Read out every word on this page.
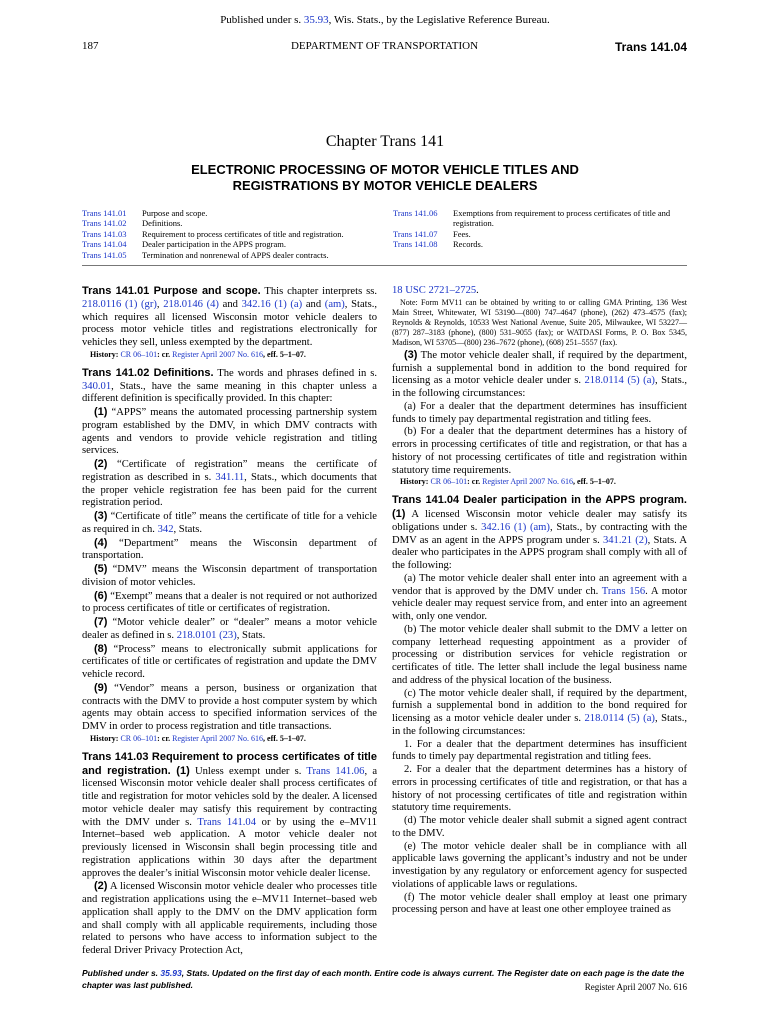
Published under s. 35.93, Wis. Stats., by the Legislative Reference Bureau.
187	DEPARTMENT OF TRANSPORTATION	Trans 141.04
Chapter Trans 141
ELECTRONIC PROCESSING OF MOTOR VEHICLE TITLES AND REGISTRATIONS BY MOTOR VEHICLE DEALERS
Trans 141.01	Purpose and scope.
Trans 141.02	Definitions.
Trans 141.03	Requirement to process certificates of title and registration.
Trans 141.04	Dealer participation in the APPS program.
Trans 141.05	Termination and nonrenewal of APPS dealer contracts.
Trans 141.06	Exemptions from requirement to process certificates of title and registration.
Trans 141.07	Fees.
Trans 141.08	Records.

Trans 141.01 Purpose and scope. This chapter interprets ss. 218.0116 (1) (gr), 218.0146 (4) and 342.16 (1) (a) and (am), Stats., which requires all licensed Wisconsin motor vehicle dealers to process motor vehicle titles and registrations electronically for vehicles they sell, unless exempted by the department.

History: CR 06–101: cr. Register April 2007 No. 616, eff. 5–1–07.

Trans 141.02 Definitions. The words and phrases defined in s. 340.01, Stats., have the same meaning in this chapter unless a different definition is specifically provided. In this chapter:

(1) “APPS” means the automated processing partnership system program established by the DMV, in which DMV contracts with agents and vendors to provide vehicle registration and titling services.

(2) “Certificate of registration” means the certificate of registration as described in s. 341.11, Stats., which documents that the proper vehicle registration fee has been paid for the current registration period.

(3) “Certificate of title” means the certificate of title for a vehicle as required in ch. 342, Stats.

(4) “Department” means the Wisconsin department of transportation.

(5) “DMV” means the Wisconsin department of transportation division of motor vehicles.

(6) “Exempt” means that a dealer is not required or not authorized to process certificates of title or certificates of registration.

(7) “Motor vehicle dealer” or “dealer” means a motor vehicle dealer as defined in s. 218.0101 (23), Stats.

(8) “Process” means to electronically submit applications for certificates of title or certificates of registration and update the DMV vehicle record.

(9) “Vendor” means a person, business or organization that contracts with the DMV to provide a host computer system by which agents may obtain access to specified information services of the DMV in order to process registration and title transactions.

History: CR 06–101: cr. Register April 2007 No. 616, eff. 5–1–07.

Trans 141.03 Requirement to process certificates of title and registration. (1) Unless exempt under s. Trans 141.06, a licensed Wisconsin motor vehicle dealer shall process certificates of title and registration for motor vehicles sold by the dealer. A licensed motor vehicle dealer may satisfy this requirement by contracting with the DMV under s. Trans 141.04 or by using the e–MV11 Internet–based web application. A motor vehicle dealer not previously licensed in Wisconsin shall begin processing title and registration applications within 30 days after the department approves the dealer’s initial Wisconsin motor vehicle dealer license.

(2) A licensed Wisconsin motor vehicle dealer who processes title and registration applications using the e–MV11 Internet–based web application shall apply to the DMV on the DMV application form and shall comply with all applicable requirements, including those related to persons who have access to information subject to the federal Driver Privacy Protection Act,

18 USC 2721–2725.

Note: Form MV11 can be obtained by writing to or calling GMA Printing, 136 West Main Street, Whitewater, WI 53190—(800) 747–4647 (phone), (262) 473–4575 (fax); Reynolds & Reynolds, 10533 West National Avenue, Suite 205, Milwaukee, WI 53227—(877) 287–3183 (phone), (800) 531–9055 (fax); or WATDASI Forms, P. O. Box 5345, Madison, WI 53705—(800) 236–7672 (phone), (608) 251–5557 (fax).

(3) The motor vehicle dealer shall, if required by the department, furnish a supplemental bond in addition to the bond required for licensing as a motor vehicle dealer under s. 218.0114 (5) (a), Stats., in the following circumstances:

(a) For a dealer that the department determines has insufficient funds to timely pay departmental registration and titling fees.

(b) For a dealer that the department determines has a history of errors in processing certificates of title and registration, or that has a history of not processing certificates of title and registration within statutory time requirements.

History: CR 06–101: cr. Register April 2007 No. 616, eff. 5–1–07.

Trans 141.04 Dealer participation in the APPS program. (1) A licensed Wisconsin motor vehicle dealer may satisfy its obligations under s. 342.16 (1) (am), Stats., by contracting with the DMV as an agent in the APPS program under s. 341.21 (2), Stats. A dealer who participates in the APPS program shall comply with all of the following:

(a) The motor vehicle dealer shall enter into an agreement with a vendor that is approved by the DMV under ch. Trans 156. A motor vehicle dealer may request service from, and enter into an agreement with, only one vendor.

(b) The motor vehicle dealer shall submit to the DMV a letter on company letterhead requesting appointment as a provider of processing or distribution services for vehicle registration or certificates of title. The letter shall include the legal business name and address of the physical location of the business.

(c) The motor vehicle dealer shall, if required by the department, furnish a supplemental bond in addition to the bond required for licensing as a motor vehicle dealer under s. 218.0114 (5) (a), Stats., in the following circumstances:

1. For a dealer that the department determines has insufficient funds to timely pay departmental registration and titling fees.

2. For a dealer that the department determines has a history of errors in processing certificates of title and registration, or that has a history of not processing certificates of title and registration within statutory time requirements.

(d) The motor vehicle dealer shall submit a signed agent contract to the DMV.

(e) The motor vehicle dealer shall be in compliance with all applicable laws governing the applicant’s industry and not be under investigation by any regulatory or enforcement agency for suspected violations of applicable laws or regulations.

(f) The motor vehicle dealer shall employ at least one primary processing person and have at least one other employee trained as

Published under s. 35.93, Stats. Updated on the first day of each month. Entire code is always current. The Register date on each page is the date the chapter was last published.	Register April 2007 No. 616
